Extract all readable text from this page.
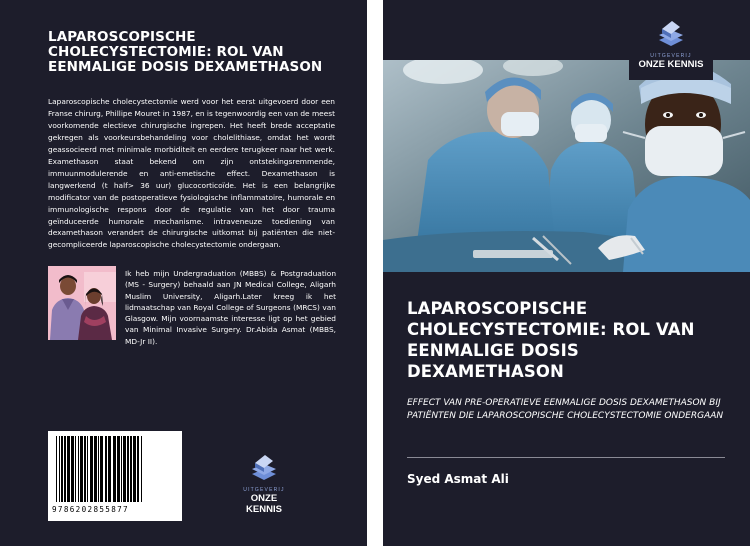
LAPAROSCOPISCHE CHOLECYSTECTOMIE: ROL VAN EENMALIGE DOSIS DEXAMETHASON
Laparoscopische cholecystectomie werd voor het eerst uitgevoerd door een Franse chirurg, Phillipe Mouret in 1987, en is tegenwoordig een van de meest voorkomende electieve chirurgische ingrepen. Het heeft brede acceptatie gekregen als voorkeursbehandeling voor cholelithiase, omdat het wordt geassocieerd met minimale morbiditeit en eerdere terugkeer naar het werk. Examethason staat bekend om zijn ontstekingsremmende, immuunmodulerende en anti-emetische effect. Dexamethason is langwerkend (t half> 36 uur) glucocorticoïde. Het is een belangrijke modificator van de postoperatieve fysiologische inflammatoire, humorale en immunologische respons door de regulatie van het door trauma geïnduceerde humorale mechanisme. intraveneuze toediening van dexamethason verandert de chirurgische uitkomst bij patiënten die niet-gecompliceerde laparoscopische cholecystectomie ondergaan.
Ik heb mijn Undergraduation (MBBS) & Postgraduation (MS - Surgery) behaald aan JN Medical College, Aligarh Muslim University, Aligarh.Later kreeg ik het lidmaatschap van Royal College of Surgeons (MRCS) van Glasgow. Mijn voornaamste interesse ligt op het gebied van Minimal Invasive Surgery. Dr.Abida Asmat (MBBS, MD-Jr II).
9786202855877
UITGEVERIJ
ONZE KENNIS
UITGEVERIJ
ONZE KENNIS
LAPAROSCOPISCHE CHOLECYSTECTOMIE: ROL VAN EENMALIGE DOSIS DEXAMETHASON
EFFECT VAN PRE-OPERATIEVE EENMALIGE DOSIS DEXAMETHASON BIJ PATIËNTEN DIE LAPAROSCOPISCHE CHOLECYSTECTOMIE ONDERGAAN
Syed Asmat Ali
